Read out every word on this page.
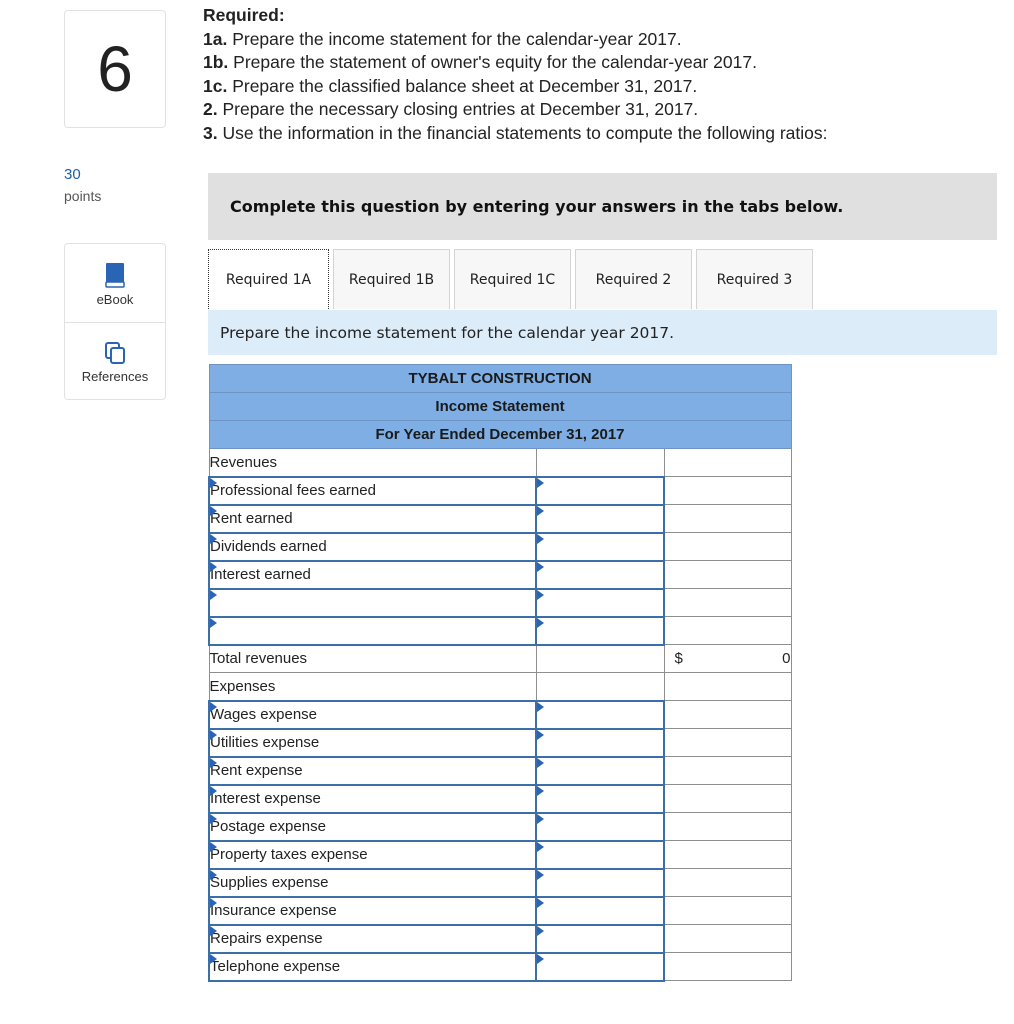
6
30
points
eBook
References
Required:
1a. Prepare the income statement for the calendar-year 2017.
1b. Prepare the statement of owner's equity for the calendar-year 2017.
1c. Prepare the classified balance sheet at December 31, 2017.
2. Prepare the necessary closing entries at December 31, 2017.
3. Use the information in the financial statements to compute the following ratios:
Complete this question by entering your answers in the tabs below.
Required 1A	Required 1B	Required 1C	Required 2	Required 3
Prepare the income statement for the calendar year 2017.
TYBALT CONSTRUCTION		
Income Statement		
For Year Ended December 31, 2017		
Revenues		
Professional fees earned		
Rent earned		
Dividends earned		
Interest earned		

Total revenues		$ 0

Expenses		
Wages expense		
Utilities expense		
Rent expense		
Interest expense		
Postage expense		
Property taxes expense		
Supplies expense		
Insurance expense		
Repairs expense		
Telephone expense		
